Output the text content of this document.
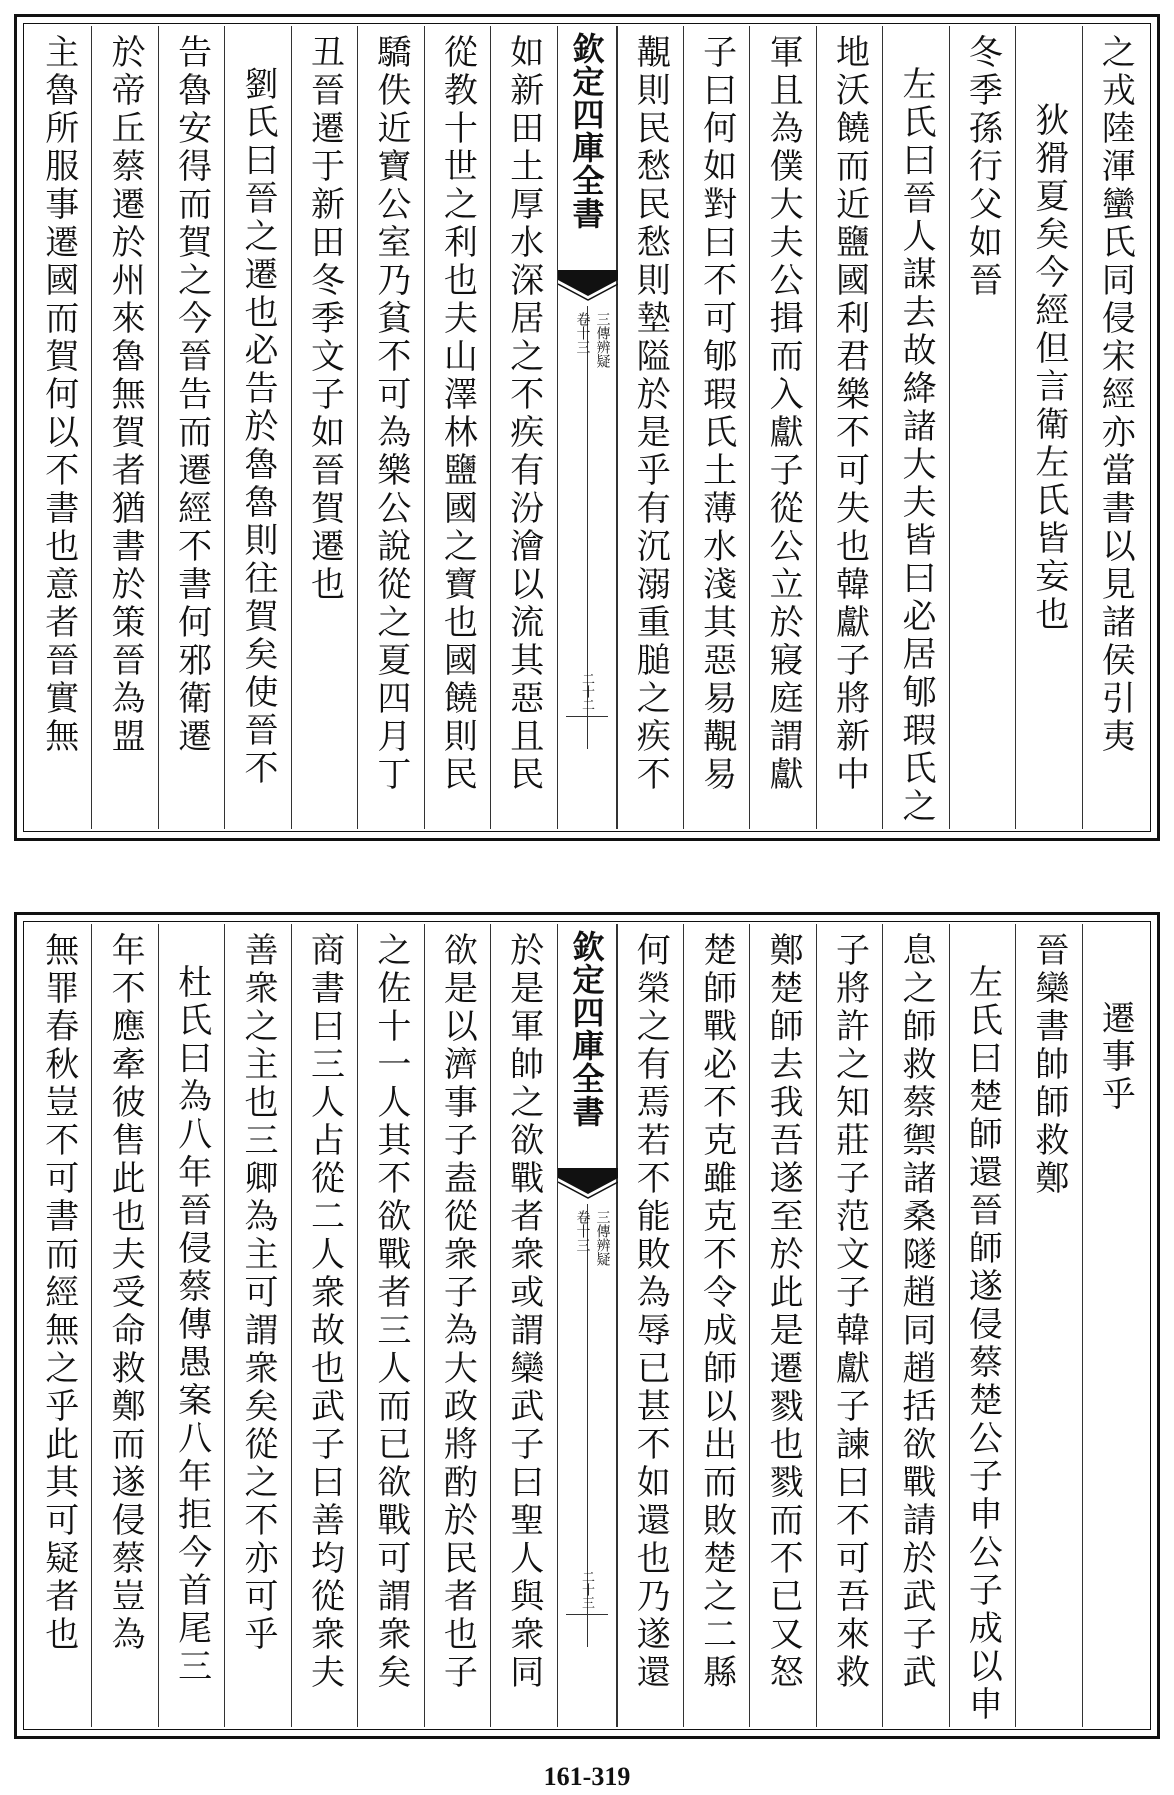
之戎陸渾蠻氏同侵宋經亦當書以見諸侯引夷
狄猾夏矣今經但言衛左氏皆妄也
冬季孫行父如晉
左氏曰晉人謀去故絳諸大夫皆曰必居郇瑕氏之
地沃饒而近鹽國利君樂不可失也韓獻子將新中
軍且為僕大夫公揖而入獻子從公立於寢庭謂獻
子曰何如對曰不可郇瑕氏土薄水淺其惡易覯易
覯則民愁民愁則墊隘於是乎有沉溺重膇之疾不
欽定四庫全書
三傳辨疑
卷十三
二十二
如新田土厚水深居之不疾有汾澮以流其惡且民
從教十世之利也夫山澤林鹽國之寶也國饒則民
驕佚近寶公室乃貧不可為樂公說從之夏四月丁
丑晉遷于新田冬季文子如晉賀遷也
劉氏曰晉之遷也必告於魯魯則往賀矣使晉不
告魯安得而賀之今晉告而遷經不書何邪衛遷
於帝丘蔡遷於州來魯無賀者猶書於策晉為盟
主魯所服事遷國而賀何以不書也意者晉實無
遷事乎
晉欒書帥師救鄭
左氏曰楚師還晉師遂侵蔡楚公子申公子成以申
息之師救蔡禦諸桑隧趙同趙括欲戰請於武子武
子將許之知莊子范文子韓獻子諫曰不可吾來救
鄭楚師去我吾遂至於此是遷戮也戮而不已又怒
楚師戰必不克雖克不令成師以出而敗楚之二縣
何榮之有焉若不能敗為辱已甚不如還也乃遂還
欽定四庫全書
三傳辨疑
卷十三
二十三
於是軍帥之欲戰者衆或謂欒武子曰聖人與衆同
欲是以濟事子盍從衆子為大政將酌於民者也子
之佐十一人其不欲戰者三人而已欲戰可謂衆矣
商書曰三人占從二人衆故也武子曰善均從衆夫
善衆之主也三卿為主可謂衆矣從之不亦可乎
杜氏曰為八年晉侵蔡傳愚案八年拒今首尾三
年不應牽彼售此也夫受命救鄭而遂侵蔡豈為
無罪春秋豈不可書而經無之乎此其可疑者也
161-319
